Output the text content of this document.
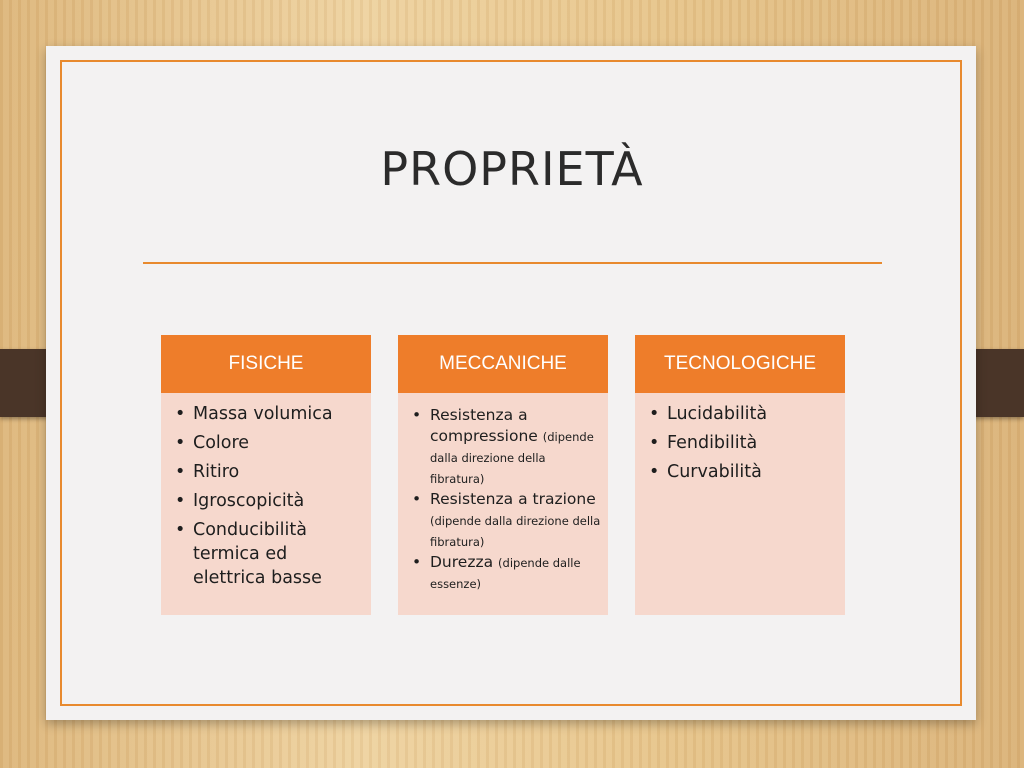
PROPRIETÀ
FISICHE
• Massa volumica
• Colore
• Ritiro
• Igroscopicità
• Conducibilità termica ed elettrica basse
MECCANICHE
• Resistenza a compressione (dipende dalla direzione della fibratura)
• Resistenza a trazione (dipende dalla direzione della fibratura)
• Durezza (dipende dalle essenze)
TECNOLOGICHE
• Lucidabilità
• Fendibilità
• Curvabilità
